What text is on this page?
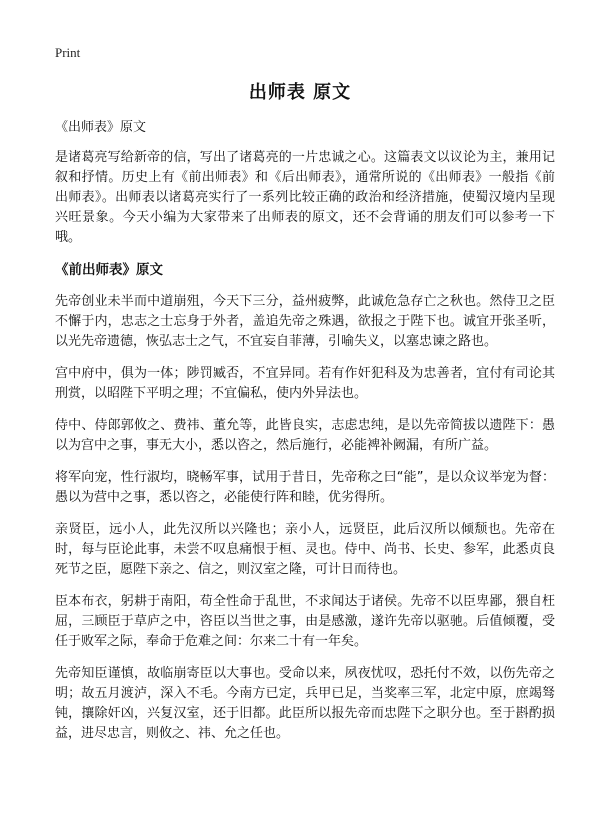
Print
出师表 原文

《出师表》原文

是诸葛亮写给新帝的信，写出了诸葛亮的一片忠诚之心。这篇表文以议论为主，兼用记叙和抒情。历史上有《前出师表》和《后出师表》，通常所说的《出师表》一般指《前出师表》。出师表以诸葛亮实行了一系列比较正确的政治和经济措施，使蜀汉境内呈现兴旺景象。今天小编为大家带来了出师表的原文，还不会背诵的朋友们可以参考一下哦。

《前出师表》原文

先帝创业未半而中道崩殂，今天下三分，益州疲弊，此诚危急存亡之秋也。然侍卫之臣不懈于内，忠志之士忘身于外者，盖追先帝之殊遇，欲报之于陛下也。诚宜开张圣听，以光先帝遗德，恢弘志士之气，不宜妄自菲薄，引喻失义，以塞忠谏之路也。

宫中府中，俱为一体；陟罚臧否，不宜异同。若有作奸犯科及为忠善者，宜付有司论其刑赏，以昭陛下平明之理；不宜偏私，使内外异法也。

侍中、侍郎郭攸之、费祎、董允等，此皆良实，志虑忠纯，是以先帝简拔以遗陛下：愚以为宫中之事，事无大小，悉以咨之，然后施行，必能裨补阙漏，有所广益。

将军向宠，性行淑均，晓畅军事，试用于昔日，先帝称之曰“能”，是以众议举宠为督：愚以为营中之事，悉以咨之，必能使行阵和睦，优劣得所。

亲贤臣，远小人，此先汉所以兴隆也；亲小人，远贤臣，此后汉所以倾颓也。先帝在时，每与臣论此事，未尝不叹息痛恨于桓、灵也。侍中、尚书、长史、参军，此悉贞良死节之臣，愿陛下亲之、信之，则汉室之隆，可计日而待也。

臣本布衣，躬耕于南阳，苟全性命于乱世，不求闻达于诸侯。先帝不以臣卑鄙，猥自枉屈，三顾臣于草庐之中，咨臣以当世之事，由是感激，遂许先帝以驱驰。后值倾覆，受任于败军之际，奉命于危难之间：尔来二十有一年矣。

先帝知臣谨慎，故临崩寄臣以大事也。受命以来，夙夜忧叹，恐托付不效，以伤先帝之明；故五月渡泸，深入不毛。今南方已定，兵甲已足，当奖率三军，北定中原，庶竭驽钝，攘除奸凶，兴复汉室，还于旧都。此臣所以报先帝而忠陛下之职分也。至于斟酌损益，进尽忠言，则攸之、祎、允之任也。
